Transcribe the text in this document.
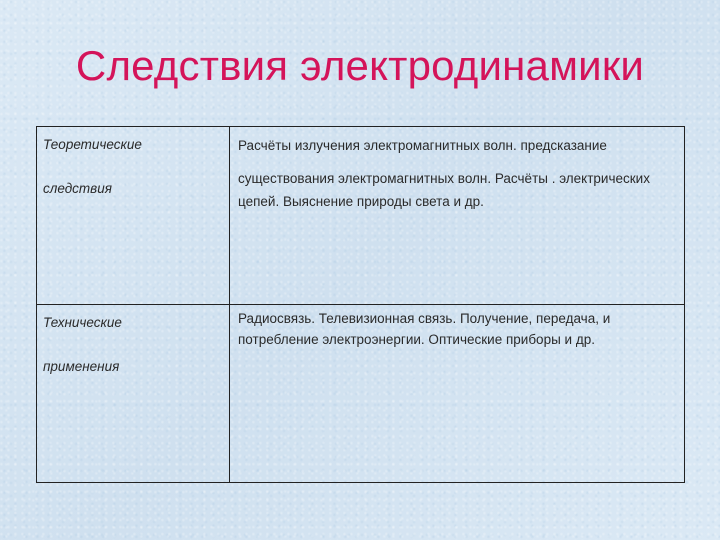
Следствия электродинамики
Теоретические
следствия	Расчёты излучения электромагнитных волн. предсказание
существования электромагнитных волн. Расчёты . электрических цепей. Выяснение природы света и др.

Технические
применения	Радиосвязь. Телевизионная связь. Получение, передача, и потребление электроэнергии. Оптические приборы и др.
